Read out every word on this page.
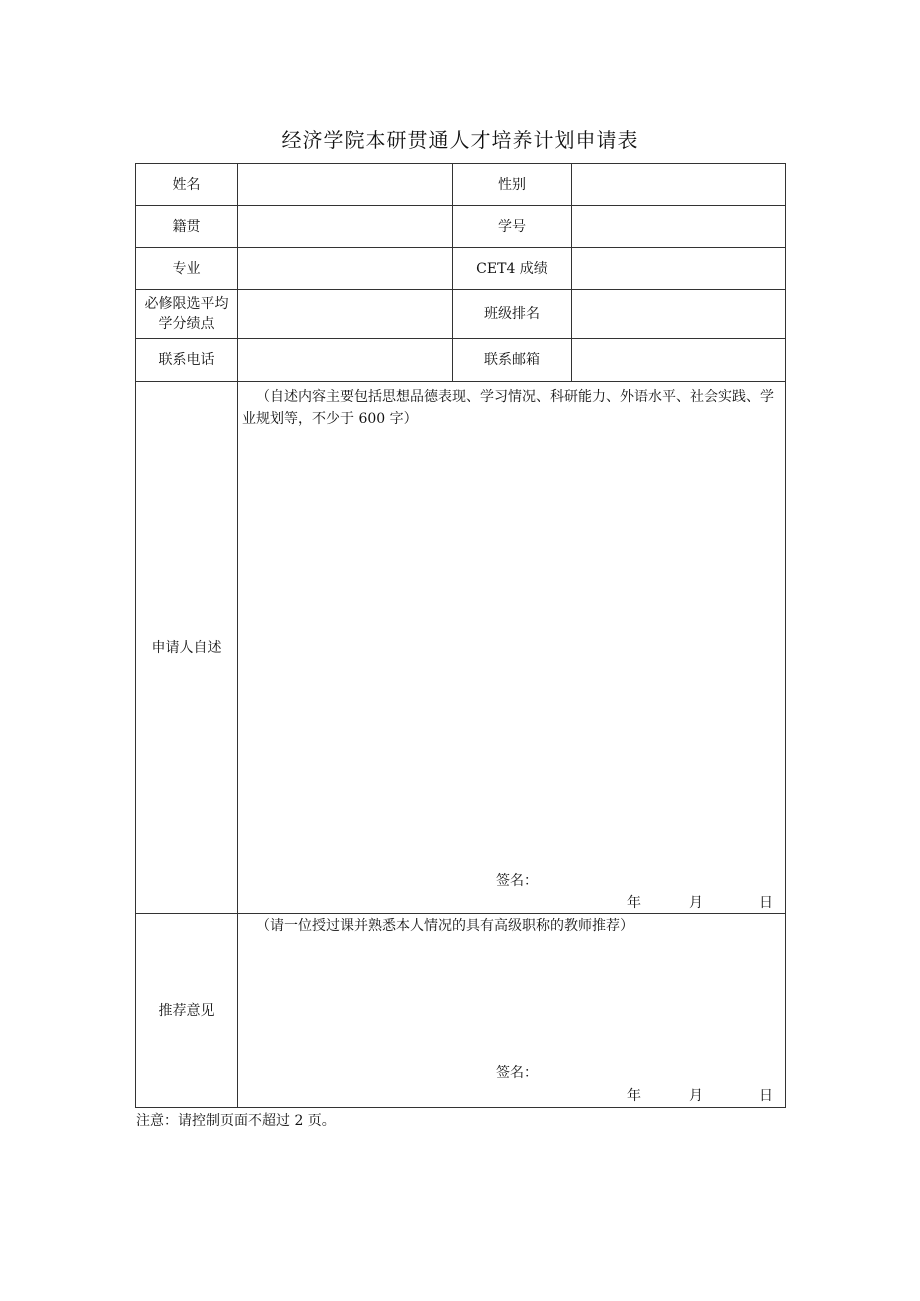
经济学院本研贯通人才培养计划申请表
姓名		性别	
籍贯		学号	
专业		CET4 成绩	

必修限选平均学分绩点		班级排名	
联系电话		联系邮箱	
申请人自述	（自述内容主要包括思想品德表现、学习情况、科研能力、外语水平、社会实践、学业规划等，不少于 600 字）
签名：
年 月 日		

推荐意见	（请一位授过课并熟悉本人情况的具有高级职称的教师推荐）
签名：
年 月 日		
注意：请控制页面不超过 2 页。
